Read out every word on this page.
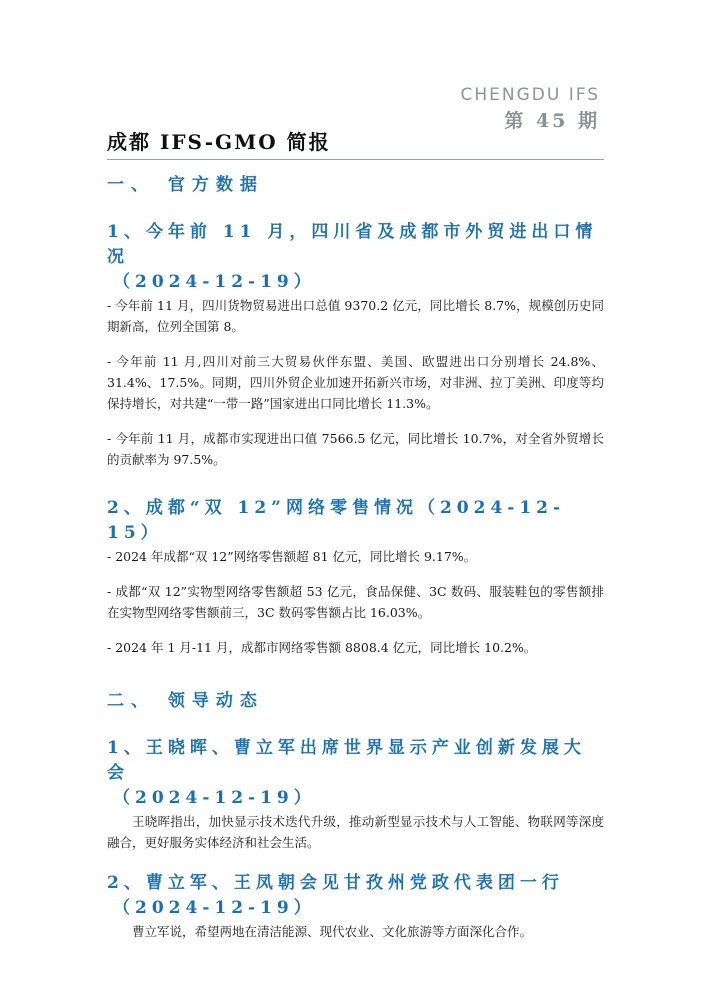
CHENGDU IFS
第 45 期
成都 IFS-GMO 简报
一、 官方数据
1、今年前 11 月，四川省及成都市外贸进出口情况
（2024-12-19）

- 今年前 11 月，四川货物贸易进出口总值 9370.2 亿元，同比增长 8.7%，规模创历史同期新高，位列全国第 8。

- 今年前 11 月,四川对前三大贸易伙伴东盟、美国、欧盟进出口分别增长 24.8%、31.4%、17.5%。同期，四川外贸企业加速开拓新兴市场，对非洲、拉丁美洲、印度等均保持增长，对共建“一带一路”国家进出口同比增长 11.3%。

- 今年前 11 月，成都市实现进出口值 7566.5 亿元，同比增长 10.7%，对全省外贸增长的贡献率为 97.5%。

2、成都“双 12”网络零售情况（2024-12-15）

- 2024 年成都“双 12”网络零售额超 81 亿元，同比增长 9.17%。

- 成都“双 12”实物型网络零售额超 53 亿元，食品保健、3C 数码、服装鞋包的零售额排在实物型网络零售额前三，3C 数码零售额占比 16.03%。

- 2024 年 1 月-11 月，成都市网络零售额 8808.4 亿元，同比增长 10.2%。

二、 领导动态
1、王晓晖、曹立军出席世界显示产业创新发展大会
（2024-12-19）

王晓晖指出，加快显示技术迭代升级，推动新型显示技术与人工智能、物联网等深度融合，更好服务实体经济和社会生活。

2、曹立军、王凤朝会见甘孜州党政代表团一行
（2024-12-19）

曹立军说，希望两地在清洁能源、现代农业、文化旅游等方面深化合作。
